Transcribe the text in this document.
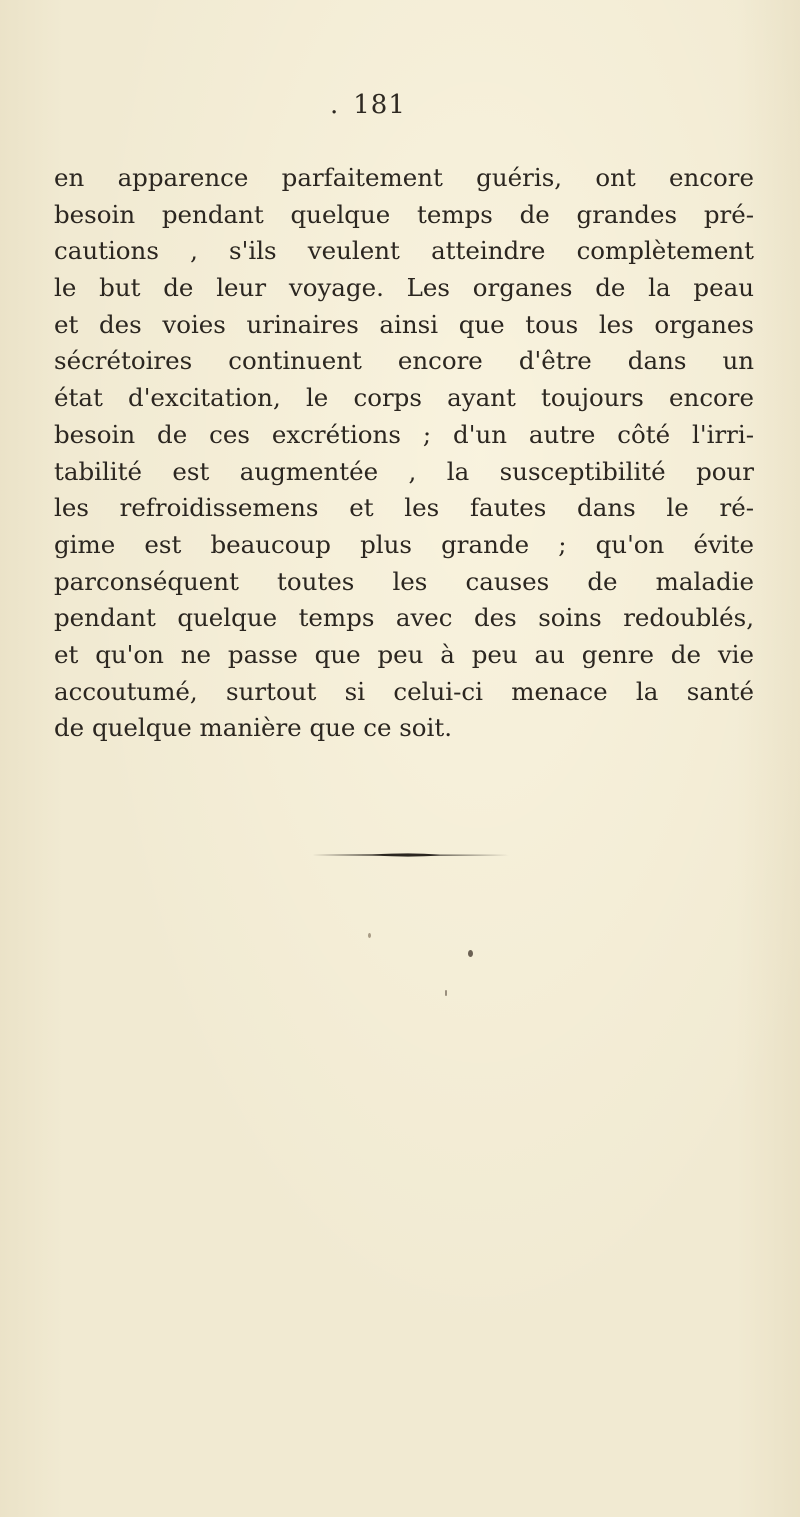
. 181
en apparence parfaitement guéris, ont encore
besoin pendant quelque temps de grandes pré-
cautions , s'ils veulent atteindre complètement
le but de leur voyage. Les organes de la peau
et des voies urinaires ainsi que tous les organes
sécrétoires continuent encore d'être dans un
état d'excitation, le corps ayant toujours encore
besoin de ces excrétions ; d'un autre côté l'irri-
tabilité est augmentée , la susceptibilité pour
les refroidissemens et les fautes dans le ré-
gime est beaucoup plus grande ; qu'on évite
parconséquent toutes les causes de maladie
pendant quelque temps avec des soins redoublés,
et qu'on ne passe que peu à peu au genre de vie
accoutumé, surtout si celui-ci menace la santé
de quelque manière que ce soit.
